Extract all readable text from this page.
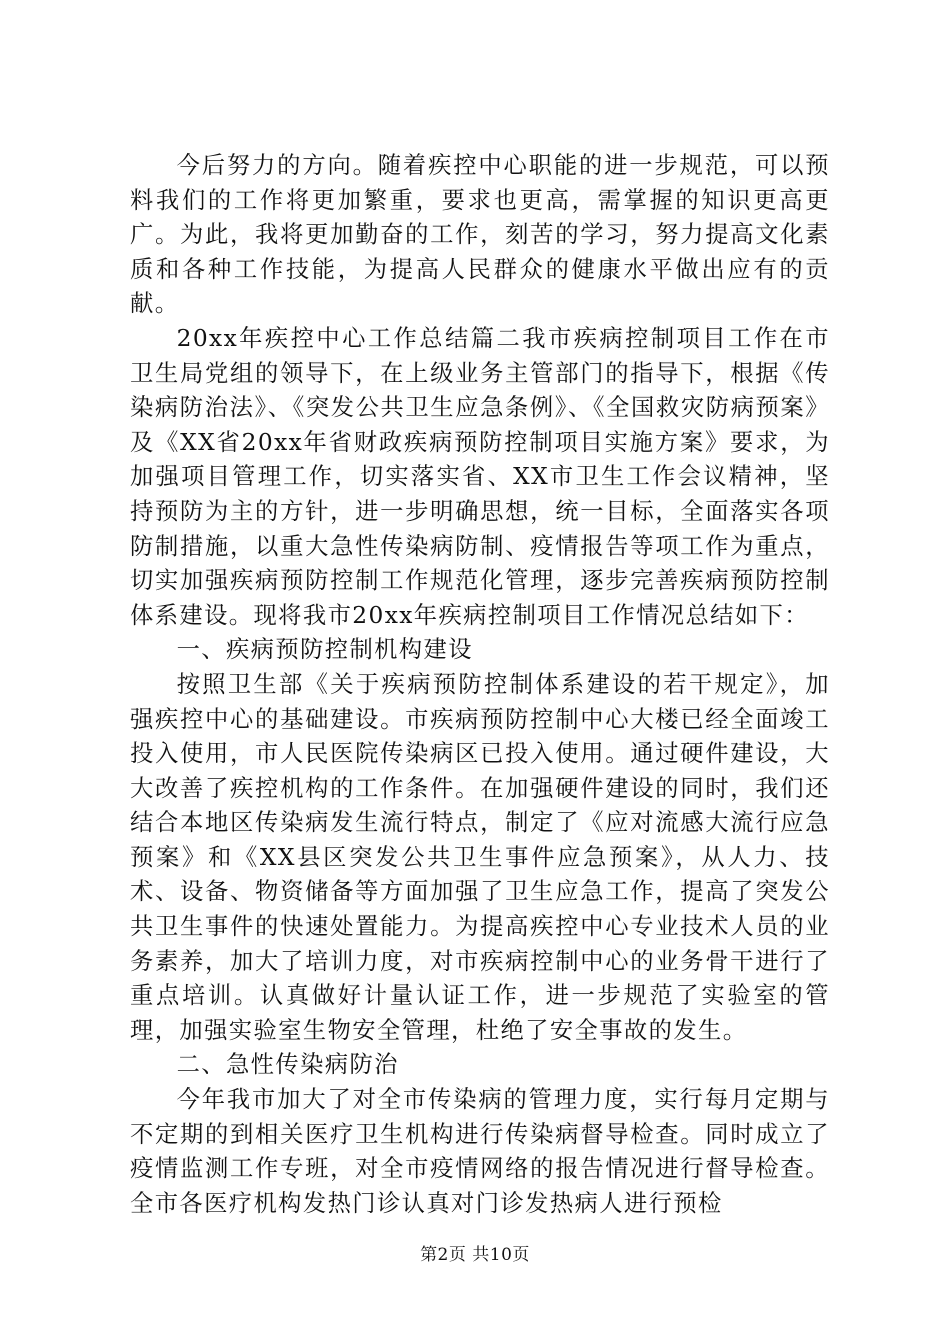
今后努力的方向。随着疾控中心职能的进一步规范，可以预料我们的工作将更加繁重，要求也更高，需掌握的知识更高更广。为此，我将更加勤奋的工作，刻苦的学习，努力提高文化素质和各种工作技能，为提高人民群众的健康水平做出应有的贡献。

20xx年疾控中心工作总结篇二我市疾病控制项目工作在市卫生局党组的领导下，在上级业务主管部门的指导下，根据《传染病防治法》、《突发公共卫生应急条例》、《全国救灾防病预案》及《XX省20xx年省财政疾病预防控制项目实施方案》要求，为加强项目管理工作，切实落实省、XX市卫生工作会议精神，坚持预防为主的方针，进一步明确思想，统一目标，全面落实各项防制措施，以重大急性传染病防制、疫情报告等项工作为重点，切实加强疾病预防控制工作规范化管理，逐步完善疾病预防控制体系建设。现将我市20xx年疾病控制项目工作情况总结如下：

一、疾病预防控制机构建设

按照卫生部《关于疾病预防控制体系建设的若干规定》，加强疾控中心的基础建设。市疾病预防控制中心大楼已经全面竣工投入使用，市人民医院传染病区已投入使用。通过硬件建设，大大改善了疾控机构的工作条件。在加强硬件建设的同时，我们还结合本地区传染病发生流行特点，制定了《应对流感大流行应急预案》和《XX县区突发公共卫生事件应急预案》，从人力、技术、设备、物资储备等方面加强了卫生应急工作，提高了突发公共卫生事件的快速处置能力。为提高疾控中心专业技术人员的业务素养，加大了培训力度，对市疾病控制中心的业务骨干进行了重点培训。认真做好计量认证工作，进一步规范了实验室的管理，加强实验室生物安全管理，杜绝了安全事故的发生。

二、急性传染病防治

今年我市加大了对全市传染病的管理力度，实行每月定期与不定期的到相关医疗卫生机构进行传染病督导检查。同时成立了疫情监测工作专班，对全市疫情网络的报告情况进行督导检查。全市各医疗机构发热门诊认真对门诊发热病人进行预检

第2页 共10页
